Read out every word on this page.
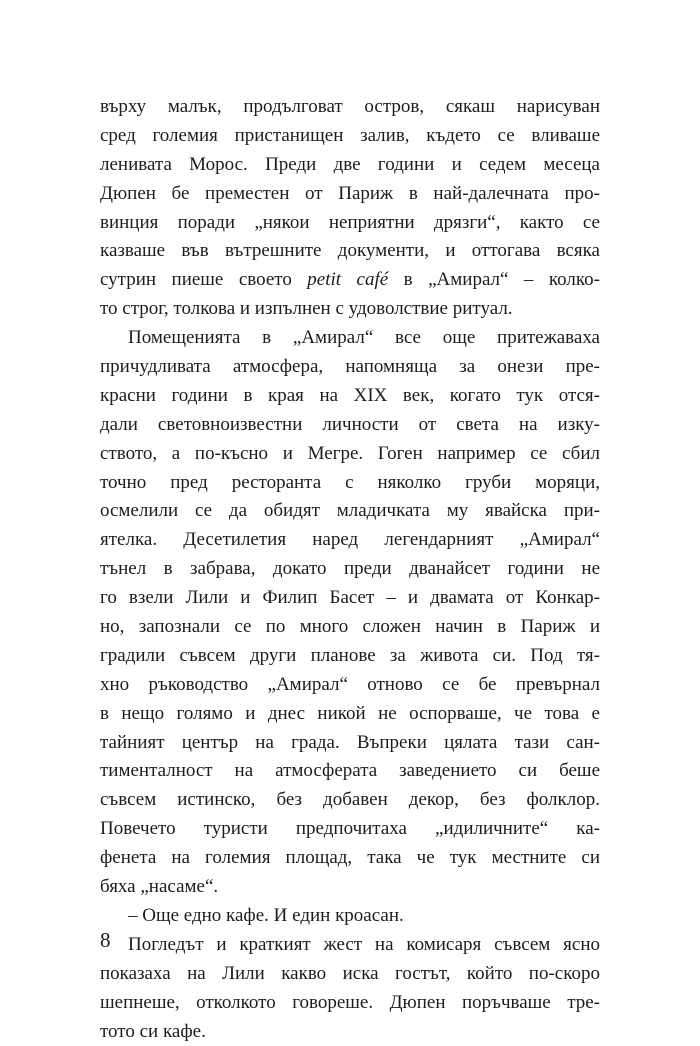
върху малък, продълговат остров, сякаш нарисуван
сред големия пристанищен залив, където се вливаше
ленивата Морос. Преди две години и седем месеца
Дюпен бе преместен от Париж в най-далечната про-
винция поради „някои неприятни дрязги“, както се
казваше във вътрешните документи, и оттогава всяка
сутрин пиеше своето petit café в „Амирал“ – колко-
то строг, толкова и изпълнен с удоволствие ритуал.
Помещенията в „Амирал“ все още притежаваха
причудливата атмосфера, напомняща за онези пре-
красни години в края на XIX век, когато тук отся-
дали световноизвестни личности от света на изку-
ството, а по-късно и Мегре. Гоген например се сбил
точно пред ресторанта с няколко груби моряци,
осмелили се да обидят младичката му явайска при-
ятелка. Десетилетия наред легендарният „Амирал“
тънел в забрава, докато преди дванайсет години не
го взели Лили и Филип Басет – и двамата от Конкар-
но, запознали се по много сложен начин в Париж и
градили съвсем други планове за живота си. Под тя-
хно ръководство „Амирал“ отново се бе превърнал
в нещо голямо и днес никой не оспорваше, че това е
тайният център на града. Въпреки цялата тази сан-
тименталност на атмосферата заведението си беше
съвсем истинско, без добавен декор, без фолклор.
Повечето туристи предпочитаха „идиличните“ ка-
фенета на големия площад, така че тук местните си
бяха „насаме“.
– Още едно кафе. И един кроасан.
Погледът и краткият жест на комисаря съвсем ясно
показаха на Лили какво иска гостът, който по-скоро
шепнеше, отколкото говореше. Дюпен поръчваше тре-
тото си кафе.
8
